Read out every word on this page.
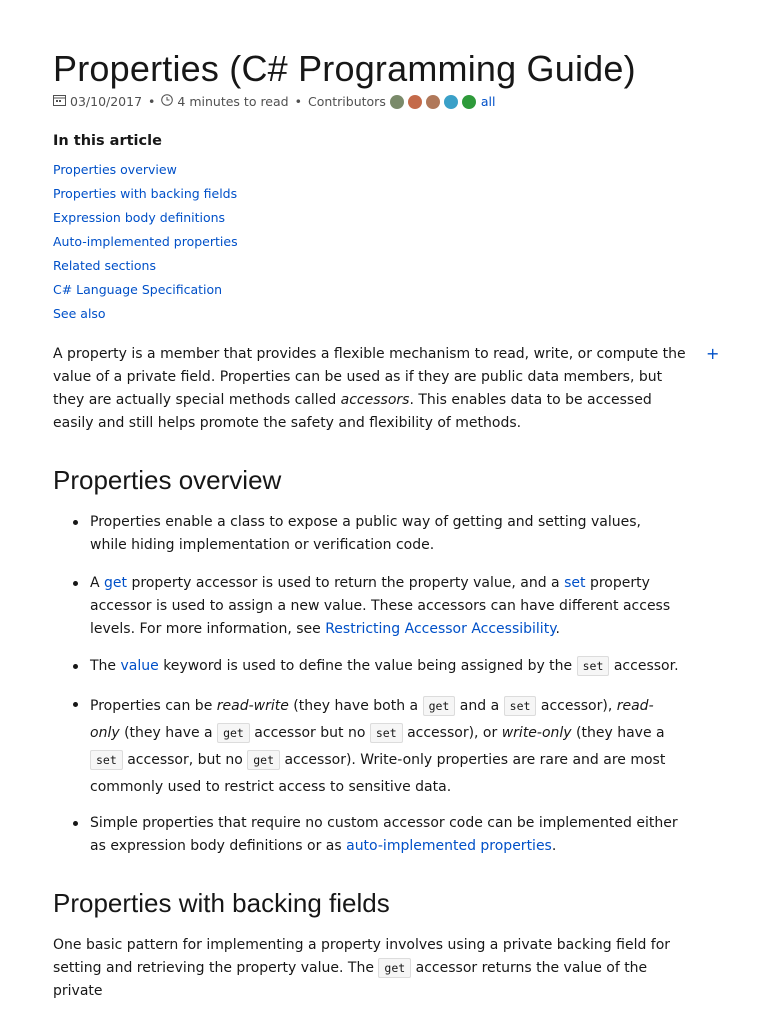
Properties (C# Programming Guide)
03/10/2017 • 4 minutes to read • Contributors	all
In this article
Properties overview
Properties with backing fields
Expression body definitions
Auto-implemented properties
Related sections
C# Language Specification
See also
+

A property is a member that provides a flexible mechanism to read, write, or compute the value of a private field. Properties can be used as if they are public data members, but they are actually special methods called accessors. This enables data to be accessed easily and still helps promote the safety and flexibility of methods.

Properties overview
Properties enable a class to expose a public way of getting and setting values, while hiding implementation or verification code.
A get property accessor is used to return the property value, and a set property accessor is used to assign a new value. These accessors can have different access levels. For more information, see Restricting Accessor Accessibility.
The value keyword is used to define the value being assigned by the set accessor.
Properties can be read-write (they have both a get and a set accessor), read-only (they have a get accessor but no set accessor), or write-only (they have a set accessor, but no get accessor). Write-only properties are rare and are most commonly used to restrict access to sensitive data.
Simple properties that require no custom accessor code can be implemented either as expression body definitions or as auto-implemented properties.
Properties with backing fields

One basic pattern for implementing a property involves using a private backing field for setting and retrieving the property value. The get accessor returns the value of the private
